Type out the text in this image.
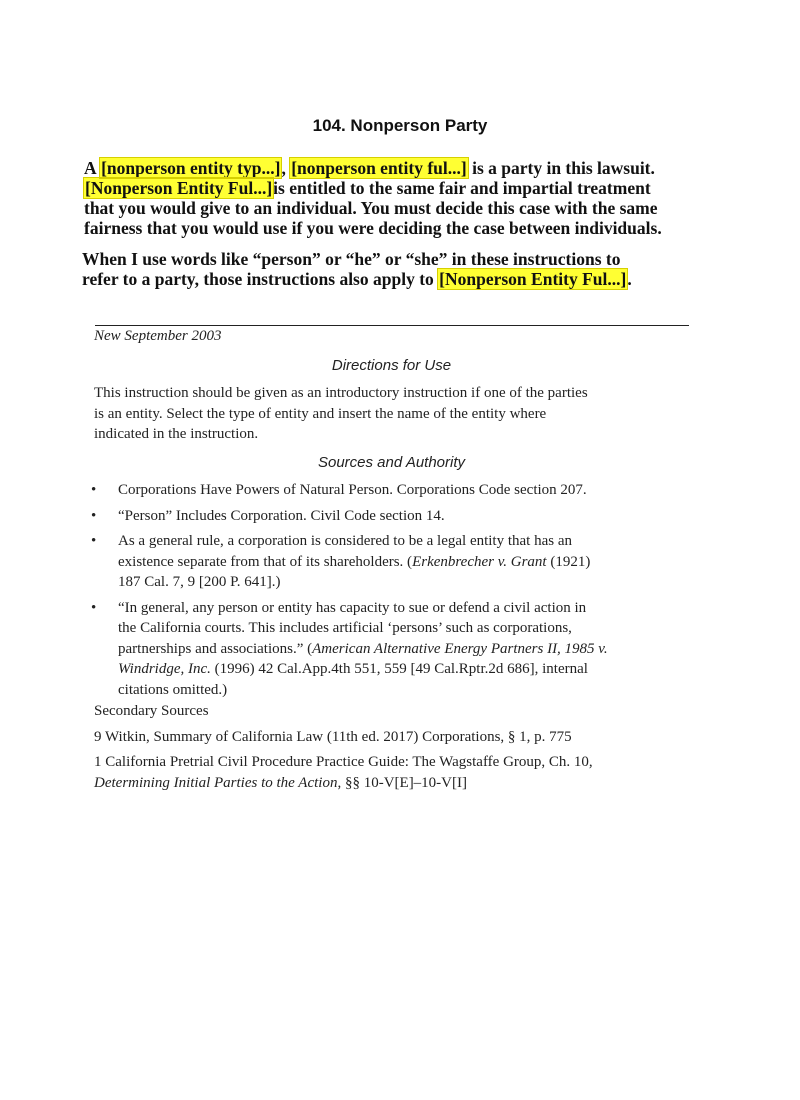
104. Nonperson Party
A [nonperson entity typ...], [nonperson entity ful...] is a party in this lawsuit.
[Nonperson Entity Ful...]is entitled to the same fair and impartial treatment
that you would give to an individual. You must decide this case with the same
fairness that you would use if you were deciding the case between individuals.
When I use words like “person” or “he” or “she” in these instructions to
refer to a party, those instructions also apply to [Nonperson Entity Ful...].
New September 2003
Directions for Use
This instruction should be given as an introductory instruction if one of the parties
is an entity. Select the type of entity and insert the name of the entity where
indicated in the instruction.
Sources and Authority
• Corporations Have Powers of Natural Person. Corporations Code section 207.
• “Person” Includes Corporation. Civil Code section 14.
• As a general rule, a corporation is considered to be a legal entity that has an
existence separate from that of its shareholders. (Erkenbrecher v. Grant (1921)
187 Cal. 7, 9 [200 P. 641].)
• “In general, any person or entity has capacity to sue or defend a civil action in
the California courts. This includes artificial ‘persons’ such as corporations,
partnerships and associations.” (American Alternative Energy Partners II, 1985 v.
Windridge, Inc. (1996) 42 Cal.App.4th 551, 559 [49 Cal.Rptr.2d 686], internal
citations omitted.)
Secondary Sources
9 Witkin, Summary of California Law (11th ed. 2017) Corporations, § 1, p. 775
1 California Pretrial Civil Procedure Practice Guide: The Wagstaffe Group, Ch. 10,
Determining Initial Parties to the Action, §§ 10-V[E]–10-V[I]
